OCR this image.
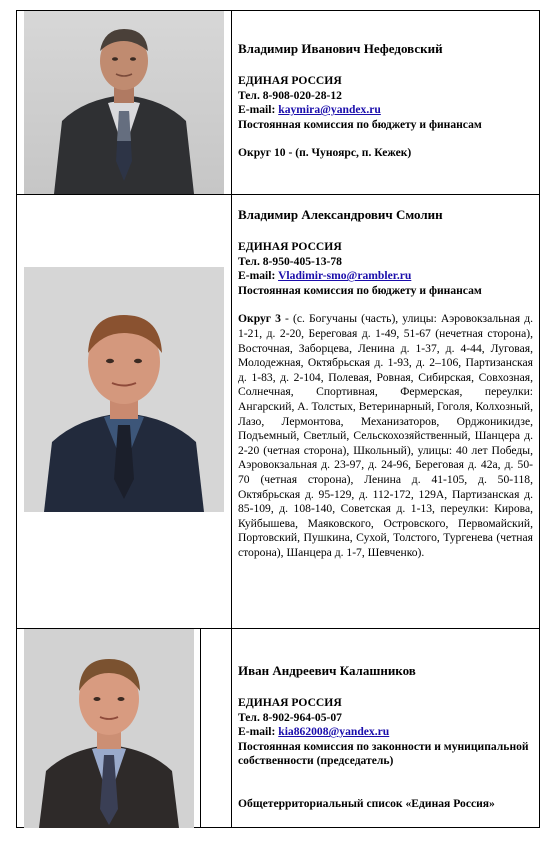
Владимир Иванович Нефедовский
ЕДИНАЯ РОССИЯ
Тел. 8-908-020-28-12
E-mail: kaymira@yandex.ru
Постоянная комиссия по бюджету и финансам
Округ 10 - (п. Чуноярc, п. Кежек)
Владимир Александрович Смолин
ЕДИНАЯ РОССИЯ
Тел. 8-950-405-13-78
E-mail: Vladimir-smo@rambler.ru
Постоянная комиссия по бюджету и финансам
Округ 3 - (с. Богучаны (часть), улицы: Аэровокзальная д. 1-21, д. 2-20, Береговая д. 1-49, 51-67 (нечетная сторона), Восточная, Заборцева, Ленина д. 1-37, д. 4-44, Луговая, Молодежная, Октябрьская д. 1-93, д. 2–106, Партизанская д. 1-83, д. 2-104, Полевая, Ровная, Сибирская, Совхозная, Солнечная, Спортивная, Фермерская, переулки: Ангарский, А. Толстых, Ветеринарный, Гоголя, Колхозный, Лазо, Лермонтова, Механизаторов, Орджоникидзе, Подъемный, Светлый, Сельскохозяйственный, Шанцера д. 2-20 (четная сторона), Школьный), улицы: 40 лет Победы, Аэровокзальная д. 23-97, д. 24-96, Береговая д. 42а, д. 50-70 (четная сторона), Ленина д. 41-105, д. 50-118, Октябрьская д. 95-129, д. 112-172, 129А, Партизанская д. 85-109, д. 108-140, Советская д. 1-13, переулки: Кирова, Куйбышева, Маяковского, Островского, Первомайский, Портовский, Пушкина, Сухой, Толстого, Тургенева (четная сторона), Шанцера д. 1-7, Шевченко).
Иван Андреевич Калашников
ЕДИНАЯ РОССИЯ
Тел. 8-902-964-05-07
E-mail: kia862008@yandex.ru
Постоянная комиссия по законности и муниципальной собственности (председатель)
Общетерриториальный список «Единая Россия»
